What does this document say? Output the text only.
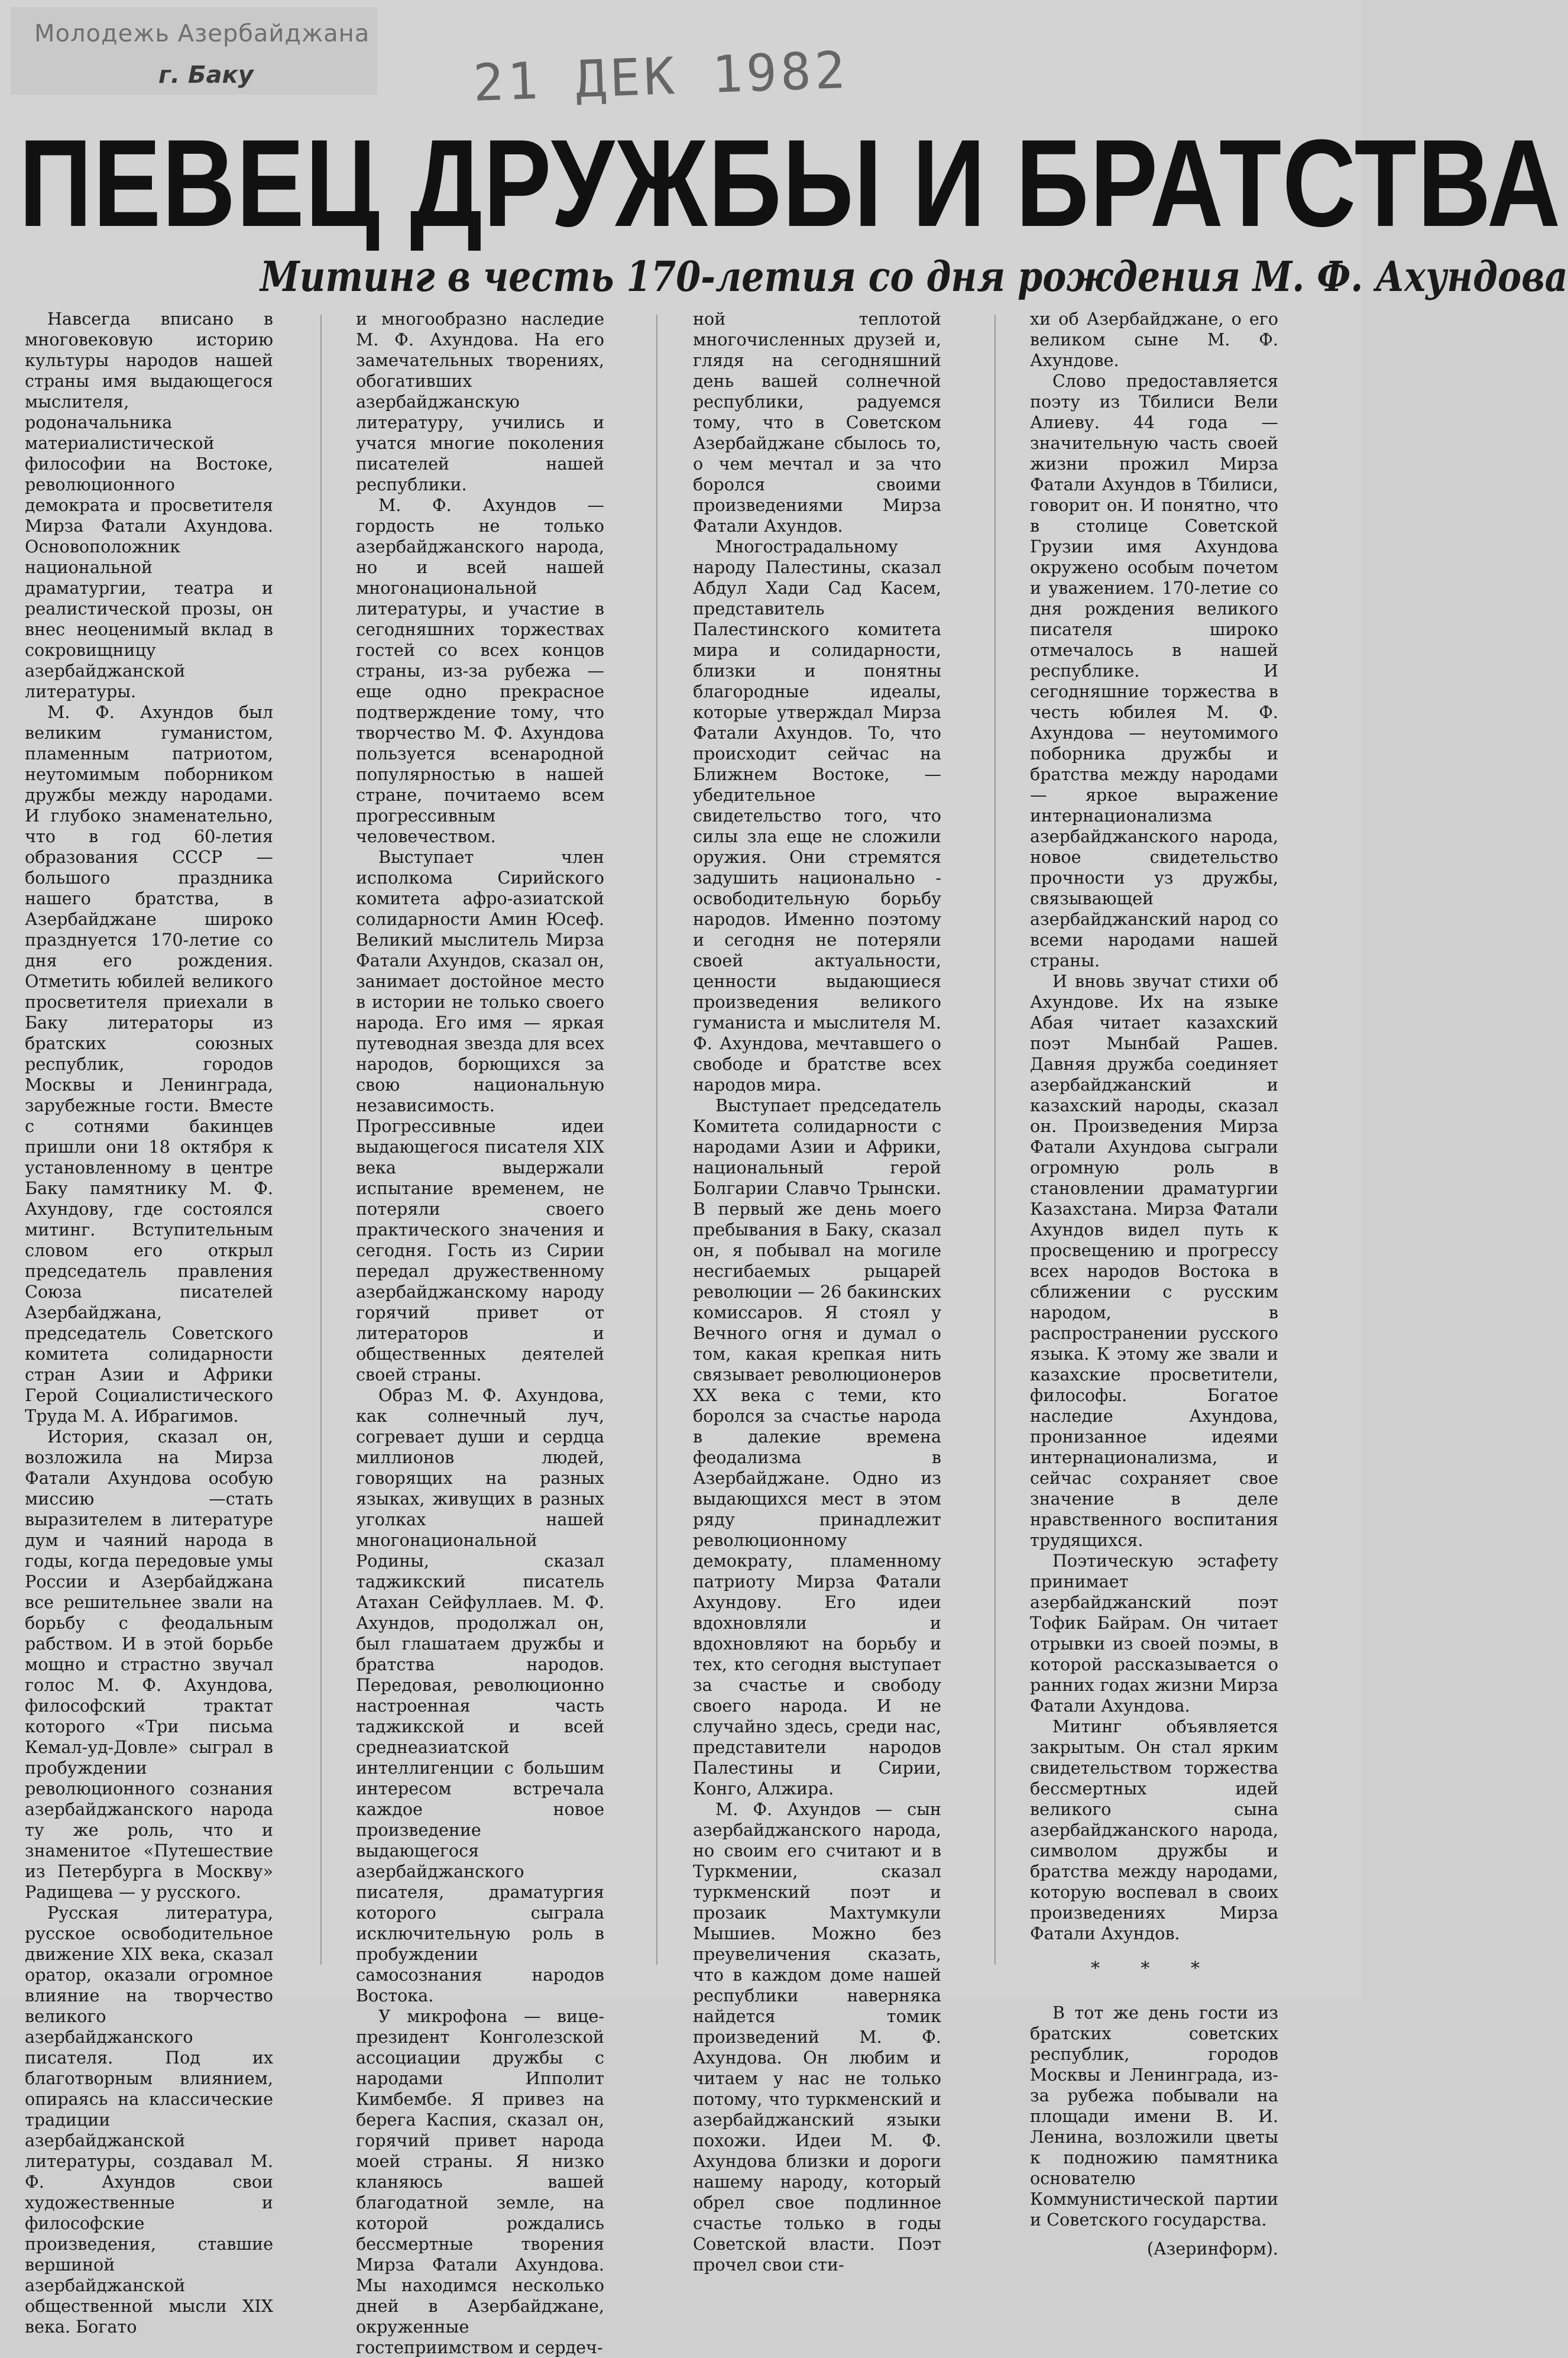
Молодежь Азербайджана
г. Баку	21 ДЕК 1982
ПЕВЕЦ ДРУЖБЫ И БРАТСТВА
Митинг в честь 170-летия со дня рождения М. Ф. Ахундова

Навсегда вписано в многовековую историю культуры народов нашей страны имя выдающегося мыслителя, родоначальника материалистической философии на Востоке, революционного демократа и просветителя Мирза Фатали Ахундова. Основоположник национальной драматургии, театра и реалистической прозы, он внес неоценимый вклад в сокровищницу азербайджанской литературы.

М. Ф. Ахундов был великим гуманистом, пламенным патриотом, неутомимым поборником дружбы между народами. И глубоко знаменательно, что в год 60-летия образования СССР — большого праздника нашего братства, в Азербайджане широко празднуется 170-летие со дня его рождения. Отметить юбилей великого просветителя приехали в Баку литераторы из братских союзных республик, городов Москвы и Ленинграда, зарубежные гости. Вместе с сотнями бакинцев пришли они 18 октября к установленному в центре Баку памятнику М. Ф. Ахундову, где состоялся митинг. Вступительным словом его открыл председатель правления Союза писателей Азербайджана, председатель Советского комитета солидарности стран Азии и Африки Герой Социалистического Труда М. А. Ибрагимов.

История, сказал он, возложила на Мирза Фатали Ахундова особую миссию —стать выразителем в литературе дум и чаяний народа в годы, когда передовые умы России и Азербайджана все решительнее звали на борьбу с феодальным рабством. И в этой борьбе мощно и страстно звучал голос М. Ф. Ахундова, философский трактат которого «Три письма Кемал-уд-Довле» сыграл в пробуждении революционного сознания азербайджанского народа ту же роль, что и знаменитое «Путешествие из Петербурга в Москву» Радищева — у русского.

Русская литература, русское освободительное движение XIX века, сказал оратор, оказали огромное влияние на творчество великого азербайджанского писателя. Под их благотворным влиянием, опираясь на классические традиции азербайджанской литературы, создавал М. Ф. Ахундов свои художественные и философские произведения, ставшие вершиной азербайджанской общественной мысли XIX века. Богато

и многообразно наследие М. Ф. Ахундова. На его замечательных творениях, обогативших азербайджанскую литературу, учились и учатся многие поколения писателей нашей республики.

М. Ф. Ахундов — гордость не только азербайджанского народа, но и всей нашей многонациональной литературы, и участие в сегодняшних торжествах гостей со всех концов страны, из-за рубежа — еще одно прекрасное подтверждение тому, что творчество М. Ф. Ахундова пользуется всенародной популярностью в нашей стране, почитаемо всем прогрессивным человечеством.

Выступает член исполкома Сирийского комитета афро-азиатской солидарности Амин Юсеф. Великий мыслитель Мирза Фатали Ахундов, сказал он, занимает достойное место в истории не только своего народа. Его имя — яркая путеводная звезда для всех народов, борющихся за свою национальную независимость. Прогрессивные идеи выдающегося писателя XIX века выдержали испытание временем, не потеряли своего практического значения и сегодня. Гость из Сирии передал дружественному азербайджанскому народу горячий привет от литераторов и общественных деятелей своей страны.

Образ М. Ф. Ахундова, как солнечный луч, согревает души и сердца миллионов людей, говорящих на разных языках, живущих в разных уголках нашей многонациональной Родины, сказал таджикский писатель Атахан Сейфуллаев. М. Ф. Ахундов, продолжал он, был глашатаем дружбы и братства народов. Передовая, революционно настроенная часть таджикской и всей среднеазиатской интеллигенции с большим интересом встречала каждое новое произведение выдающегося азербайджанского писателя, драматургия которого сыграла исключительную роль в пробуждении самосознания народов Востока.

У микрофона — вице-президент Конголезской ассоциации дружбы с народами Ипполит Кимбембе. Я привез на берега Каспия, сказал он, горячий привет народа моей страны. Я низко кланяюсь вашей благодатной земле, на которой рождались бессмертные творения Мирза Фатали Ахундова. Мы находимся несколько дней в Азербайджане, окруженные гостеприимством и сердеч-

ной теплотой многочисленных друзей и, глядя на сегодняшний день вашей солнечной республики, радуемся тому, что в Советском Азербайджане сбылось то, о чем мечтал и за что боролся своими произведениями Мирза Фатали Ахундов.

Многострадальному народу Палестины, сказал Абдул Хади Сад Касем, представитель Палестинского комитета мира и солидарности, близки и понятны благородные идеалы, которые утверждал Мирза Фатали Ахундов. То, что происходит сейчас на Ближнем Востоке, — убедительное свидетельство того, что силы зла еще не сложили оружия. Они стремятся задушить национально - освободительную борьбу народов. Именно поэтому и сегодня не потеряли своей актуальности, ценности выдающиеся произведения великого гуманиста и мыслителя М. Ф. Ахундова, мечтавшего о свободе и братстве всех народов мира.

Выступает председатель Комитета солидарности с народами Азии и Африки, национальный герой Болгарии Славчо Трынски. В первый же день моего пребывания в Баку, сказал он, я побывал на могиле несгибаемых рыцарей революции — 26 бакинских комиссаров. Я стоял у Вечного огня и думал о том, какая крепкая нить связывает революционеров XX века с теми, кто боролся за счастье народа в далекие времена феодализма в Азербайджане. Одно из выдающихся мест в этом ряду принадлежит революционному демократу, пламенному патриоту Мирза Фатали Ахундову. Его идеи вдохновляли и вдохновляют на борьбу и тех, кто сегодня выступает за счастье и свободу своего народа. И не случайно здесь, среди нас, представители народов Палестины и Сирии, Конго, Алжира.

М. Ф. Ахундов — сын азербайджанского народа, но своим его считают и в Туркмении, сказал туркменский поэт и прозаик Махтумкули Мышиев. Можно без преувеличения сказать, что в каждом доме нашей республики наверняка найдется томик произведений М. Ф. Ахундова. Он любим и читаем у нас не только потому, что туркменский и азербайджанский языки похожи. Идеи М. Ф. Ахундова близки и дороги нашему народу, который обрел свое подлинное счастье только в годы Советской власти. Поэт прочел свои сти-

хи об Азербайджане, о его великом сыне М. Ф. Ахундове.

Слово предоставляется поэту из Тбилиси Вели Алиеву. 44 года — значительную часть своей жизни прожил Мирза Фатали Ахундов в Тбилиси, говорит он. И понятно, что в столице Советской Грузии имя Ахундова окружено особым почетом и уважением. 170-летие со дня рождения великого писателя широко отмечалось в нашей республике. И сегодняшние торжества в честь юбилея М. Ф. Ахундова — неутомимого поборника дружбы и братства между народами — яркое выражение интернационализма азербайджанского народа, новое свидетельство прочности уз дружбы, связывающей азербайджанский народ со всеми народами нашей страны.

И вновь звучат стихи об Ахундове. Их на языке Абая читает казахский поэт Мынбай Рашев. Давняя дружба соединяет азербайджанский и казахский народы, сказал он. Произведения Мирза Фатали Ахундова сыграли огромную роль в становлении драматургии Казахстана. Мирза Фатали Ахундов видел путь к просвещению и прогрессу всех народов Востока в сближении с русским народом, в распространении русского языка. К этому же звали и казахские просветители, философы. Богатое наследие Ахундова, пронизанное идеями интернационализма, и сейчас сохраняет свое значение в деле нравственного воспитания трудящихся.

Поэтическую эстафету принимает азербайджанский поэт Тофик Байрам. Он читает отрывки из своей поэмы, в которой рассказывается о ранних годах жизни Мирза Фатали Ахундова.

Митинг объявляется закрытым. Он стал ярким свидетельством торжества бессмертных идей великого сына азербайджанского народа, символом дружбы и братства между народами, которую воспевал в своих произведениях Мирза Фатали Ахундов.

* * *

В тот же день гости из братских советских республик, городов Москвы и Ленинграда, из-за рубежа побывали на площади имени В. И. Ленина, возложили цветы к подножию памятника основателю Коммунистической партии и Советского государства.

(Азеринформ).
